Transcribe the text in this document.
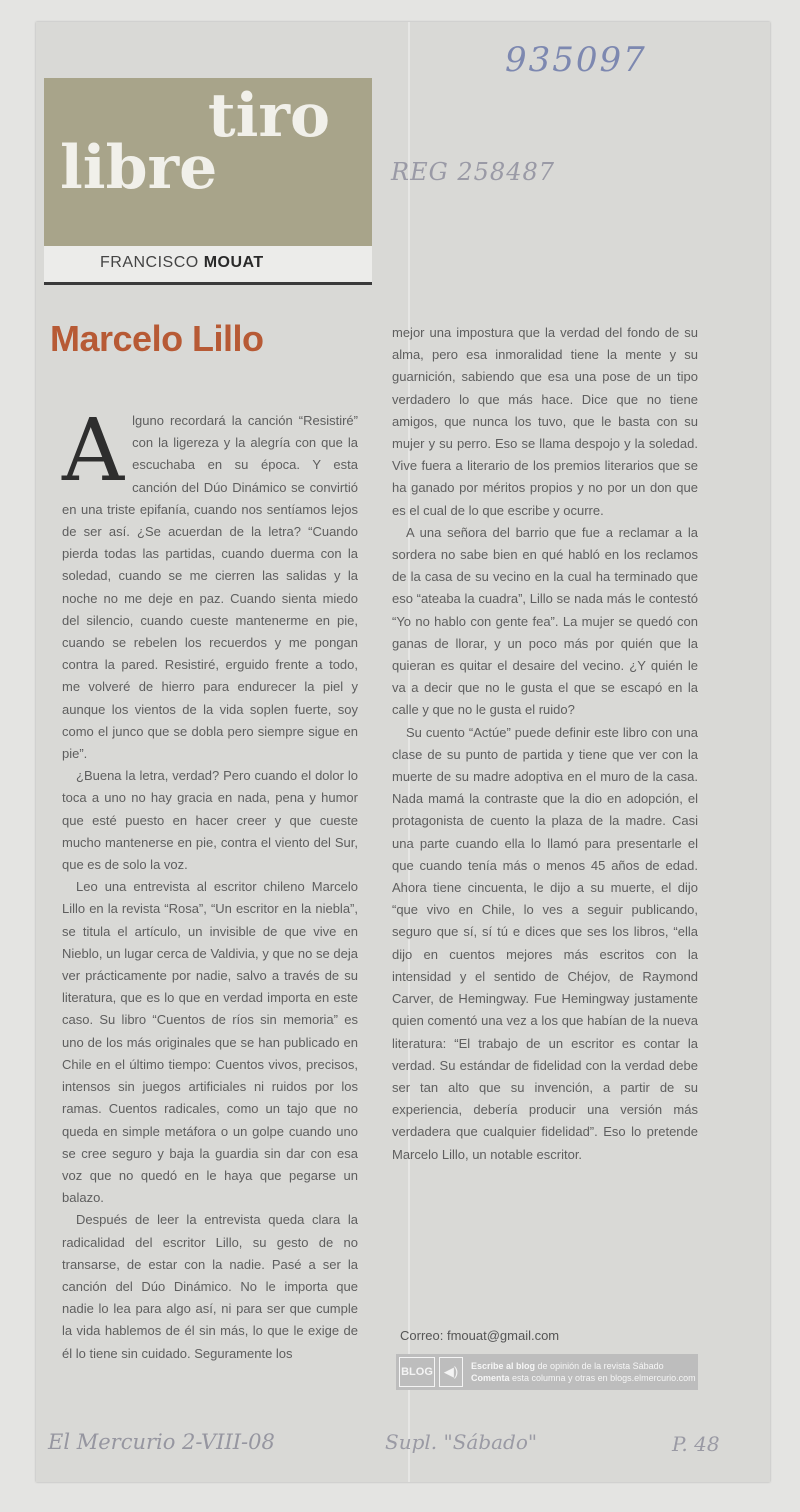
935097
REG 258487
tiro
libre
FRANCISCO MOUAT
Marcelo Lillo

Alguno recordará la canción “Resistiré” con la ligereza y la alegría con que la escuchaba en su época. Y esta canción del Dúo Dinámico se convirtió en una triste epifanía, cuando nos sentíamos lejos de ser así. ¿Se acuerdan de la letra? “Cuando pierda todas las partidas, cuando duerma con la soledad, cuando se me cierren las salidas y la noche no me deje en paz. Cuando sienta miedo del silencio, cuando cueste mantenerme en pie, cuando se rebelen los recuerdos y me pongan contra la pared. Resistiré, erguido frente a todo, me volveré de hierro para endurecer la piel y aunque los vientos de la vida soplen fuerte, soy como el junco que se dobla pero siempre sigue en pie”.

¿Buena la letra, verdad? Pero cuando el dolor lo toca a uno no hay gracia en nada, pena y humor que esté puesto en hacer creer y que cueste mucho mantenerse en pie, contra el viento del Sur, que es de solo la voz.

Leo una entrevista al escritor chileno Marcelo Lillo en la revista “Rosa”, “Un escritor en la niebla”, se titula el artículo, un invisible de que vive en Nieblo, un lugar cerca de Valdivia, y que no se deja ver prácticamente por nadie, salvo a través de su literatura, que es lo que en verdad importa en este caso. Su libro “Cuentos de ríos sin memoria” es uno de los más originales que se han publicado en Chile en el último tiempo: Cuentos vivos, precisos, intensos sin juegos artificiales ni ruidos por los ramas. Cuentos radicales, como un tajo que no queda en simple metáfora o un golpe cuando uno se cree seguro y baja la guardia sin dar con esa voz que no quedó en le haya que pegarse un balazo.

Después de leer la entrevista queda clara la radicalidad del escritor Lillo, su gesto de no transarse, de estar con la nadie. Pasé a ser la canción del Dúo Dinámico. No le importa que nadie lo lea para algo así, ni para ser que cumple la vida hablemos de él sin más, lo que le exige de él lo tiene sin cuidado. Seguramente los

mejor una impostura que la verdad del fondo de su alma, pero esa inmoralidad tiene la mente y su guarnición, sabiendo que esa una pose de un tipo verdadero lo que más hace. Dice que no tiene amigos, que nunca los tuvo, que le basta con su mujer y su perro. Eso se llama despojo y la soledad. Vive fuera a literario de los premios literarios que se ha ganado por méritos propios y no por un don que es el cual de lo que escribe y ocurre.

A una señora del barrio que fue a reclamar a la sordera no sabe bien en qué habló en los reclamos de la casa de su vecino en la cual ha terminado que eso “ateaba la cuadra”, Lillo se nada más le contestó “Yo no hablo con gente fea”. La mujer se quedó con ganas de llorar, y un poco más por quién que la quieran es quitar el desaire del vecino. ¿Y quién le va a decir que no le gusta el que se escapó en la calle y que no le gusta el ruido?

Su cuento “Actúe” puede definir este libro con una clase de su punto de partida y tiene que ver con la muerte de su madre adoptiva en el muro de la casa. Nada mamá la contraste que la dio en adopción, el protagonista de cuento la plaza de la madre. Casi una parte cuando ella lo llamó para presentarle el que cuando tenía más o menos 45 años de edad. Ahora tiene cincuenta, le dijo a su muerte, el dijo “que vivo en Chile, lo ves a seguir publicando, seguro que sí, sí tú e dices que ses los libros, “ella dijo en cuentos mejores más escritos con la intensidad y el sentido de Chéjov, de Raymond Carver, de Hemingway. Fue Hemingway justamente quien comentó una vez a los que habían de la nueva literatura: “El trabajo de un escritor es contar la verdad. Su estándar de fidelidad con la verdad debe ser tan alto que su invención, a partir de su experiencia, debería producir una versión más verdadera que cualquier fidelidad”. Eso lo pretende Marcelo Lillo, un notable escritor.

Correo: fmouat@gmail.com
BLOG ◀)	Escribe al blog de opinión de la revista Sábado
Comenta esta columna y otras en blogs.elmercurio.com
El Mercurio 2-VIII-08	Supl. "Sábado"	P. 48
